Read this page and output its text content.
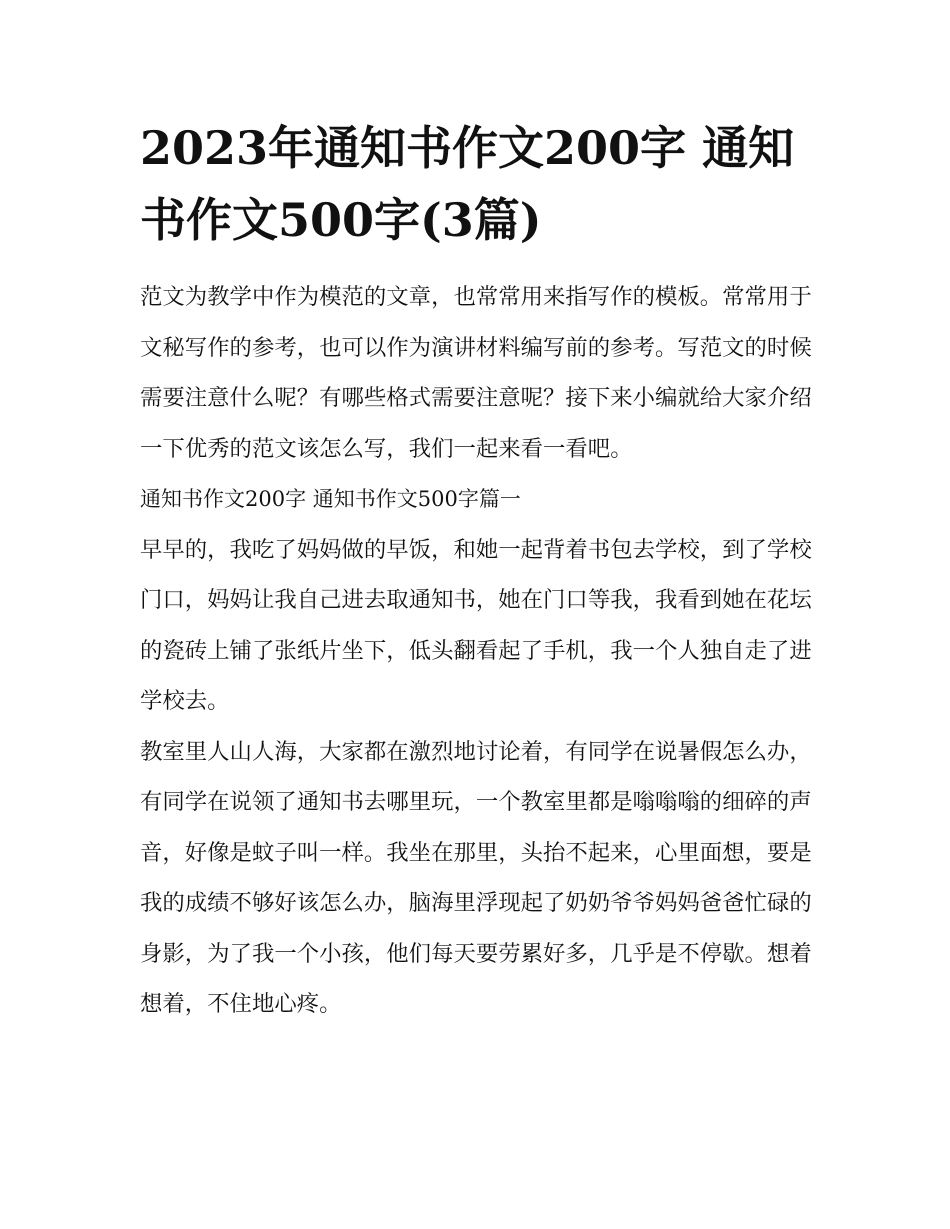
2023年通知书作文200字 通知书作文500字(3篇)

范文为教学中作为模范的文章，也常常用来指写作的模板。常常用于文秘写作的参考，也可以作为演讲材料编写前的参考。写范文的时候需要注意什么呢？有哪些格式需要注意呢？接下来小编就给大家介绍一下优秀的范文该怎么写，我们一起来看一看吧。

通知书作文200字 通知书作文500字篇一

早早的，我吃了妈妈做的早饭，和她一起背着书包去学校，到了学校门口，妈妈让我自己进去取通知书，她在门口等我，我看到她在花坛的瓷砖上铺了张纸片坐下，低头翻看起了手机，我一个人独自走了进学校去。

教室里人山人海，大家都在激烈地讨论着，有同学在说暑假怎么办，有同学在说领了通知书去哪里玩，一个教室里都是嗡嗡嗡的细碎的声音，好像是蚊子叫一样。我坐在那里，头抬不起来，心里面想，要是我的成绩不够好该怎么办，脑海里浮现起了奶奶爷爷妈妈爸爸忙碌的身影，为了我一个小孩，他们每天要劳累好多，几乎是不停歇。想着想着，不住地心疼。
